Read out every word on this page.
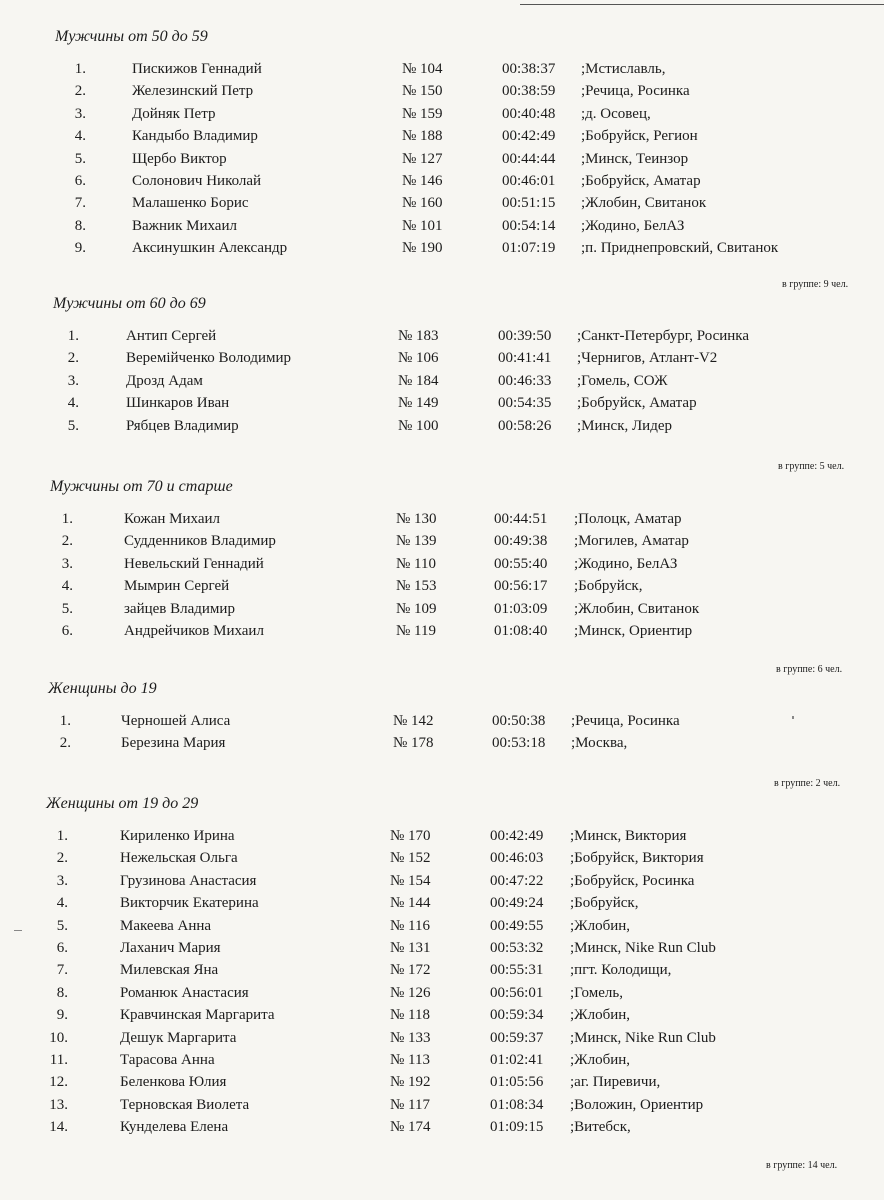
Мужчины от 50 до 59
1.	Пискижов Геннадий	№ 104	00:38:37 ;Мстиславль,
2.	Железинский Петр	№ 150	00:38:59 ;Речица, Росинка
3.	Дойняк Петр	№ 159	00:40:48 ;д. Осовец,
4.	Кандыбо Владимир	№ 188	00:42:49 ;Бобруйск, Регион
5.	Щербо Виктор	№ 127	00:44:44 ;Минск, Теинзор
6.	Солонович Николай	№ 146	00:46:01 ;Бобруйск, Аматар
7.	Малашенко Борис	№ 160	00:51:15 ;Жлобин, Свитанок
8.	Важник Михаил	№ 101	00:54:14 ;Жодино, БелАЗ
9.	Аксинушкин Александр	№ 190	01:07:19 ;п. Приднепровский, Свитанок
в группе: 9 чел.
Мужчины от 60 до 69
1.	Антип Сергей	№ 183	00:39:50 ;Санкт-Петербург, Росинка
2.	Веремійченко Володимир	№ 106	00:41:41 ;Чернигов, Атлант-V2
3.	Дрозд Адам	№ 184	00:46:33 ;Гомель, СОЖ
4.	Шинкаров Иван	№ 149	00:54:35 ;Бобруйск, Аматар
5.	Рябцев Владимир	№ 100	00:58:26 ;Минск, Лидер
в группе: 5 чел.
Мужчины от 70 и старше
1.	Кожан Михаил	№ 130	00:44:51 ;Полоцк, Аматар
2.	Судденников Владимир	№ 139	00:49:38 ;Могилев, Аматар
3.	Невельский Геннадий	№ 110	00:55:40 ;Жодино, БелАЗ
4.	Мымрин Сергей	№ 153	00:56:17 ;Бобруйск,
5.	зайцев Владимир	№ 109	01:03:09 ;Жлобин, Свитанок
6.	Андрейчиков Михаил	№ 119	01:08:40 ;Минск, Ориентир
в группе: 6 чел.
Женщины до 19
1.	Черношей Алиса	№ 142	00:50:38 ;Речица, Росинка
2.	Березина Мария	№ 178	00:53:18 ;Москва,
в группе: 2 чел.
Женщины от 19 до 29
1.	Кириленко Ирина	№ 170	00:42:49 ;Минск, Виктория
2.	Нежельская Ольга	№ 152	00:46:03 ;Бобруйск, Виктория
3.	Грузинова Анастасия	№ 154	00:47:22 ;Бобруйск, Росинка
4.	Викторчик Екатерина	№ 144	00:49:24 ;Бобруйск,
5.	Макеева Анна	№ 116	00:49:55 ;Жлобин,
6.	Лаханич Мария	№ 131	00:53:32 ;Минск, Nike Run Club
7.	Милевская Яна	№ 172	00:55:31 ;пгт. Колодищи,
8.	Романюк Анастасия	№ 126	00:56:01 ;Гомель,
9.	Кравчинская Маргарита	№ 118	00:59:34 ;Жлобин,
10.	Дешук Маргарита	№ 133	00:59:37 ;Минск, Nike Run Club
11.	Тарасова Анна	№ 113	01:02:41 ;Жлобин,
12.	Беленкова Юлия	№ 192	01:05:56 ;аг. Пиревичи,
13.	Терновская Виолета	№ 117	01:08:34 ;Воложин, Ориентир
14.	Кунделева Елена	№ 174	01:09:15 ;Витебск,
в группе: 14 чел.
